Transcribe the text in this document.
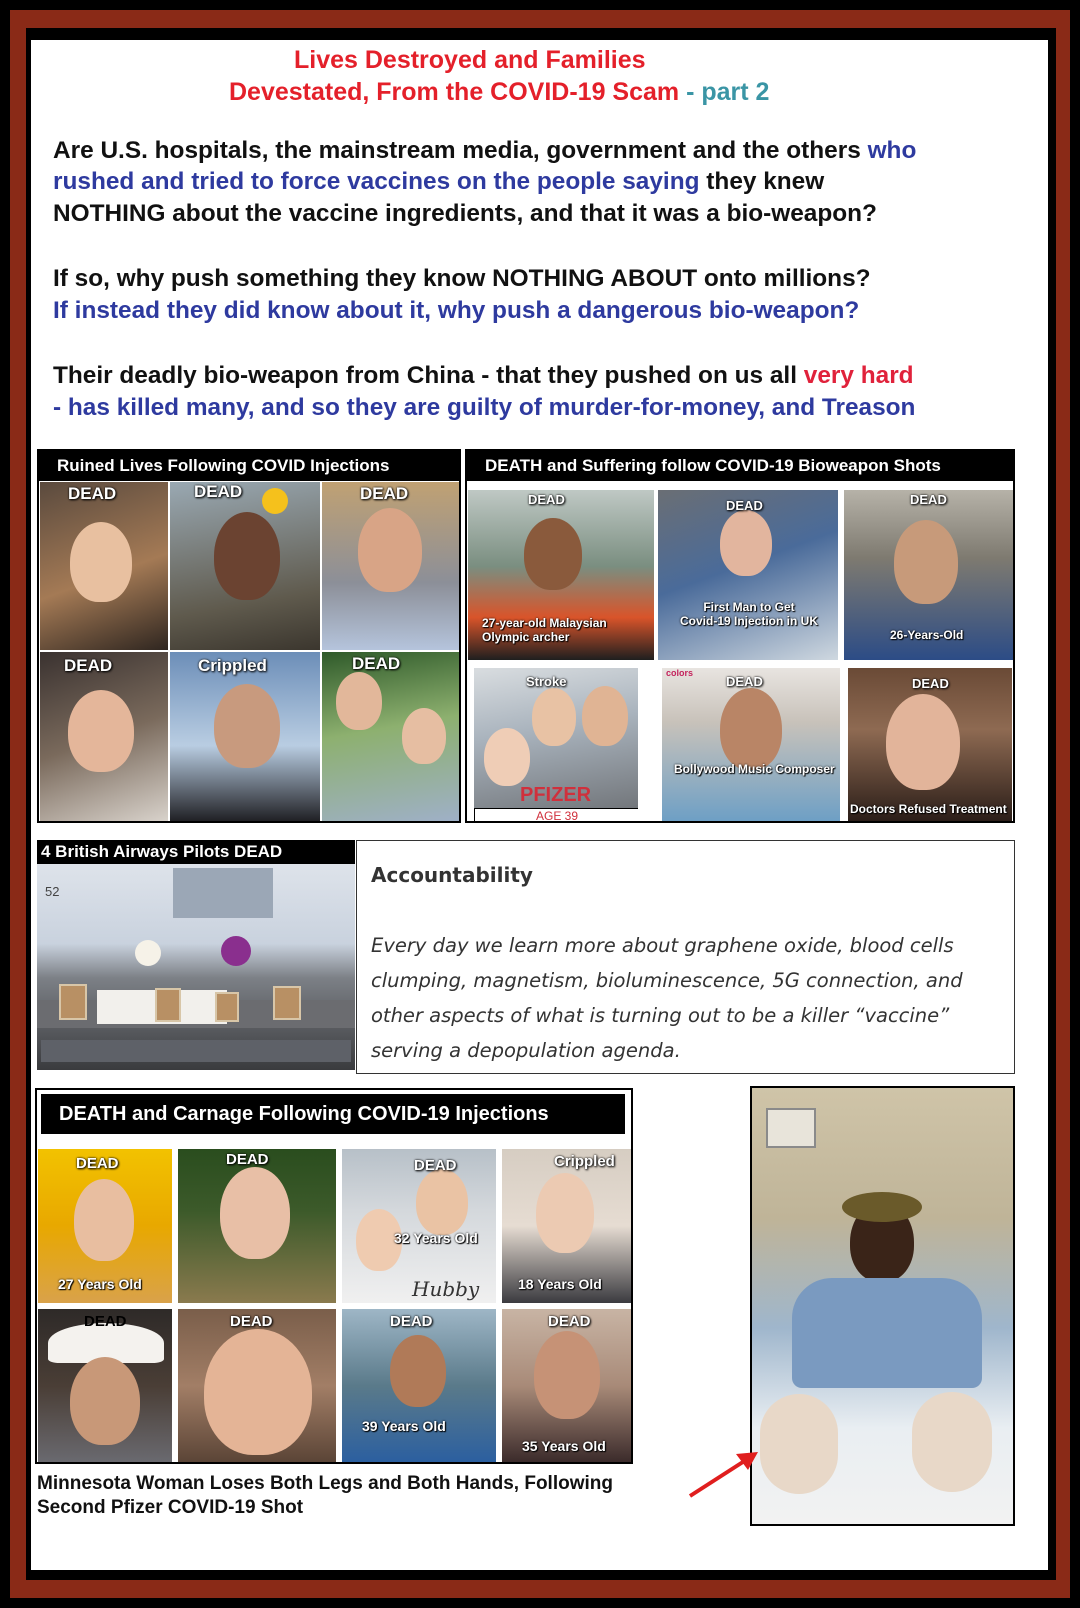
Lives Destroyed and Families
Devestated, From the COVID-19 Scam - part 2
Are U.S. hospitals, the mainstream media, government and the others who
rushed and tried to force vaccines on the people saying they knew
NOTHING about the vaccine ingredients, and that it was a bio-weapon?
If so, why push something they know NOTHING ABOUT onto millions?
If instead they did know about it, why push a dangerous bio-weapon?
Their deadly bio-weapon from China - that they pushed on us all very hard
- has killed many, and so they are guilty of murder-for-money, and Treason
Ruined Lives Following COVID Injections
DEAD	DEAD	DEAD
DEAD	Crippled	DEAD
DEATH and Suffering follow COVID-19 Bioweapon Shots
DEAD
27-year-old Malaysian
Olympic archer
DEAD
First Man to Get
Covid-19 Injection in UK
DEAD
26-Years-Old
Stroke
PFIZER
AGE 39
colors
DEAD
Bollywood Music Composer
DEAD
Doctors Refused Treatment
4 British Airways Pilots DEAD
52
Accountability
Every day we learn more about graphene oxide, blood cells clumping, magnetism, bioluminescence, 5G connection, and other aspects of what is turning out to be a killer “vaccine” serving a depopulation agenda.
DEATH and Carnage Following COVID-19 Injections
DEAD
27 Years Old
DEAD	DEAD
32 Years Old
Hubby
Crippled
18 Years Old
DEAD	DEAD	DEAD
39 Years Old
DEAD
35 Years Old
Minnesota Woman Loses Both Legs and Both Hands, Following
Second Pfizer COVID-19 Shot
